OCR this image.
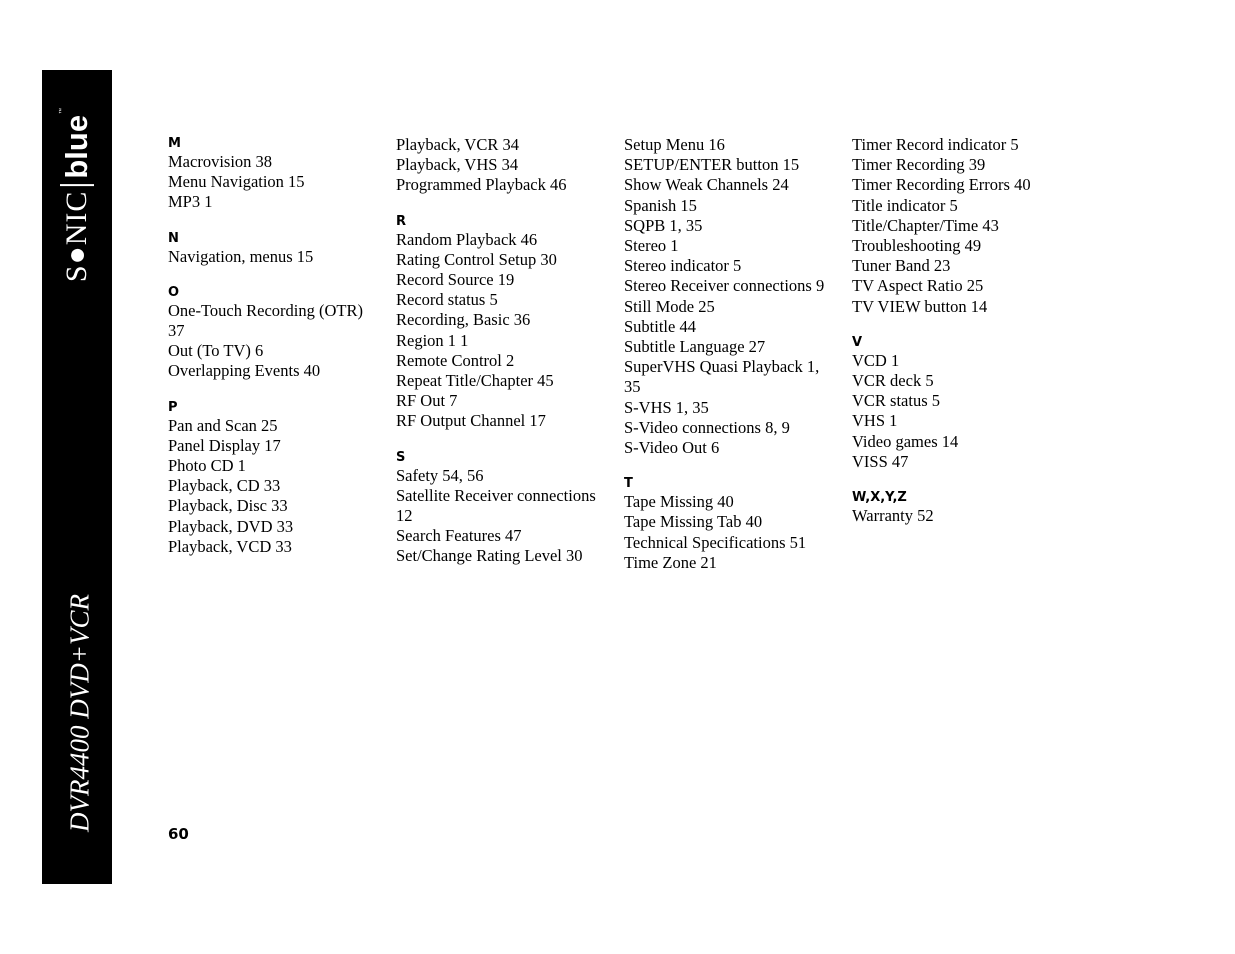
S●NIC
blue
™
DVR4400 DVD+VCR
M
Macrovision 38
Menu Navigation 15
MP3 1
N
Navigation, menus 15
O
One-Touch Recording (OTR)
37
Out (To TV) 6
Overlapping Events 40
P
Pan and Scan 25
Panel Display 17
Photo CD 1
Playback, CD 33
Playback, Disc 33
Playback, DVD 33
Playback, VCD 33
Playback, VCR 34
Playback, VHS 34
Programmed Playback 46
R
Random Playback 46
Rating Control Setup 30
Record Source 19
Record status 5
Recording, Basic 36
Region 1 1
Remote Control 2
Repeat Title/Chapter 45
RF Out 7
RF Output Channel 17
S
Safety 54, 56
Satellite Receiver connections
12
Search Features 47
Set/Change Rating Level 30
Setup Menu 16
SETUP/ENTER button 15
Show Weak Channels 24
Spanish 15
SQPB 1, 35
Stereo 1
Stereo indicator 5
Stereo Receiver connections 9
Still Mode 25
Subtitle 44
Subtitle Language 27
SuperVHS Quasi Playback 1,
35
S-VHS 1, 35
S-Video connections 8, 9
S-Video Out 6
T
Tape Missing 40
Tape Missing Tab 40
Technical Specifications 51
Time Zone 21
Timer Record indicator 5
Timer Recording 39
Timer Recording Errors 40
Title indicator 5
Title/Chapter/Time 43
Troubleshooting 49
Tuner Band 23
TV Aspect Ratio 25
TV VIEW button 14
V
VCD 1
VCR deck 5
VCR status 5
VHS 1
Video games 14
VISS 47
W,X,Y,Z
Warranty 52
60
